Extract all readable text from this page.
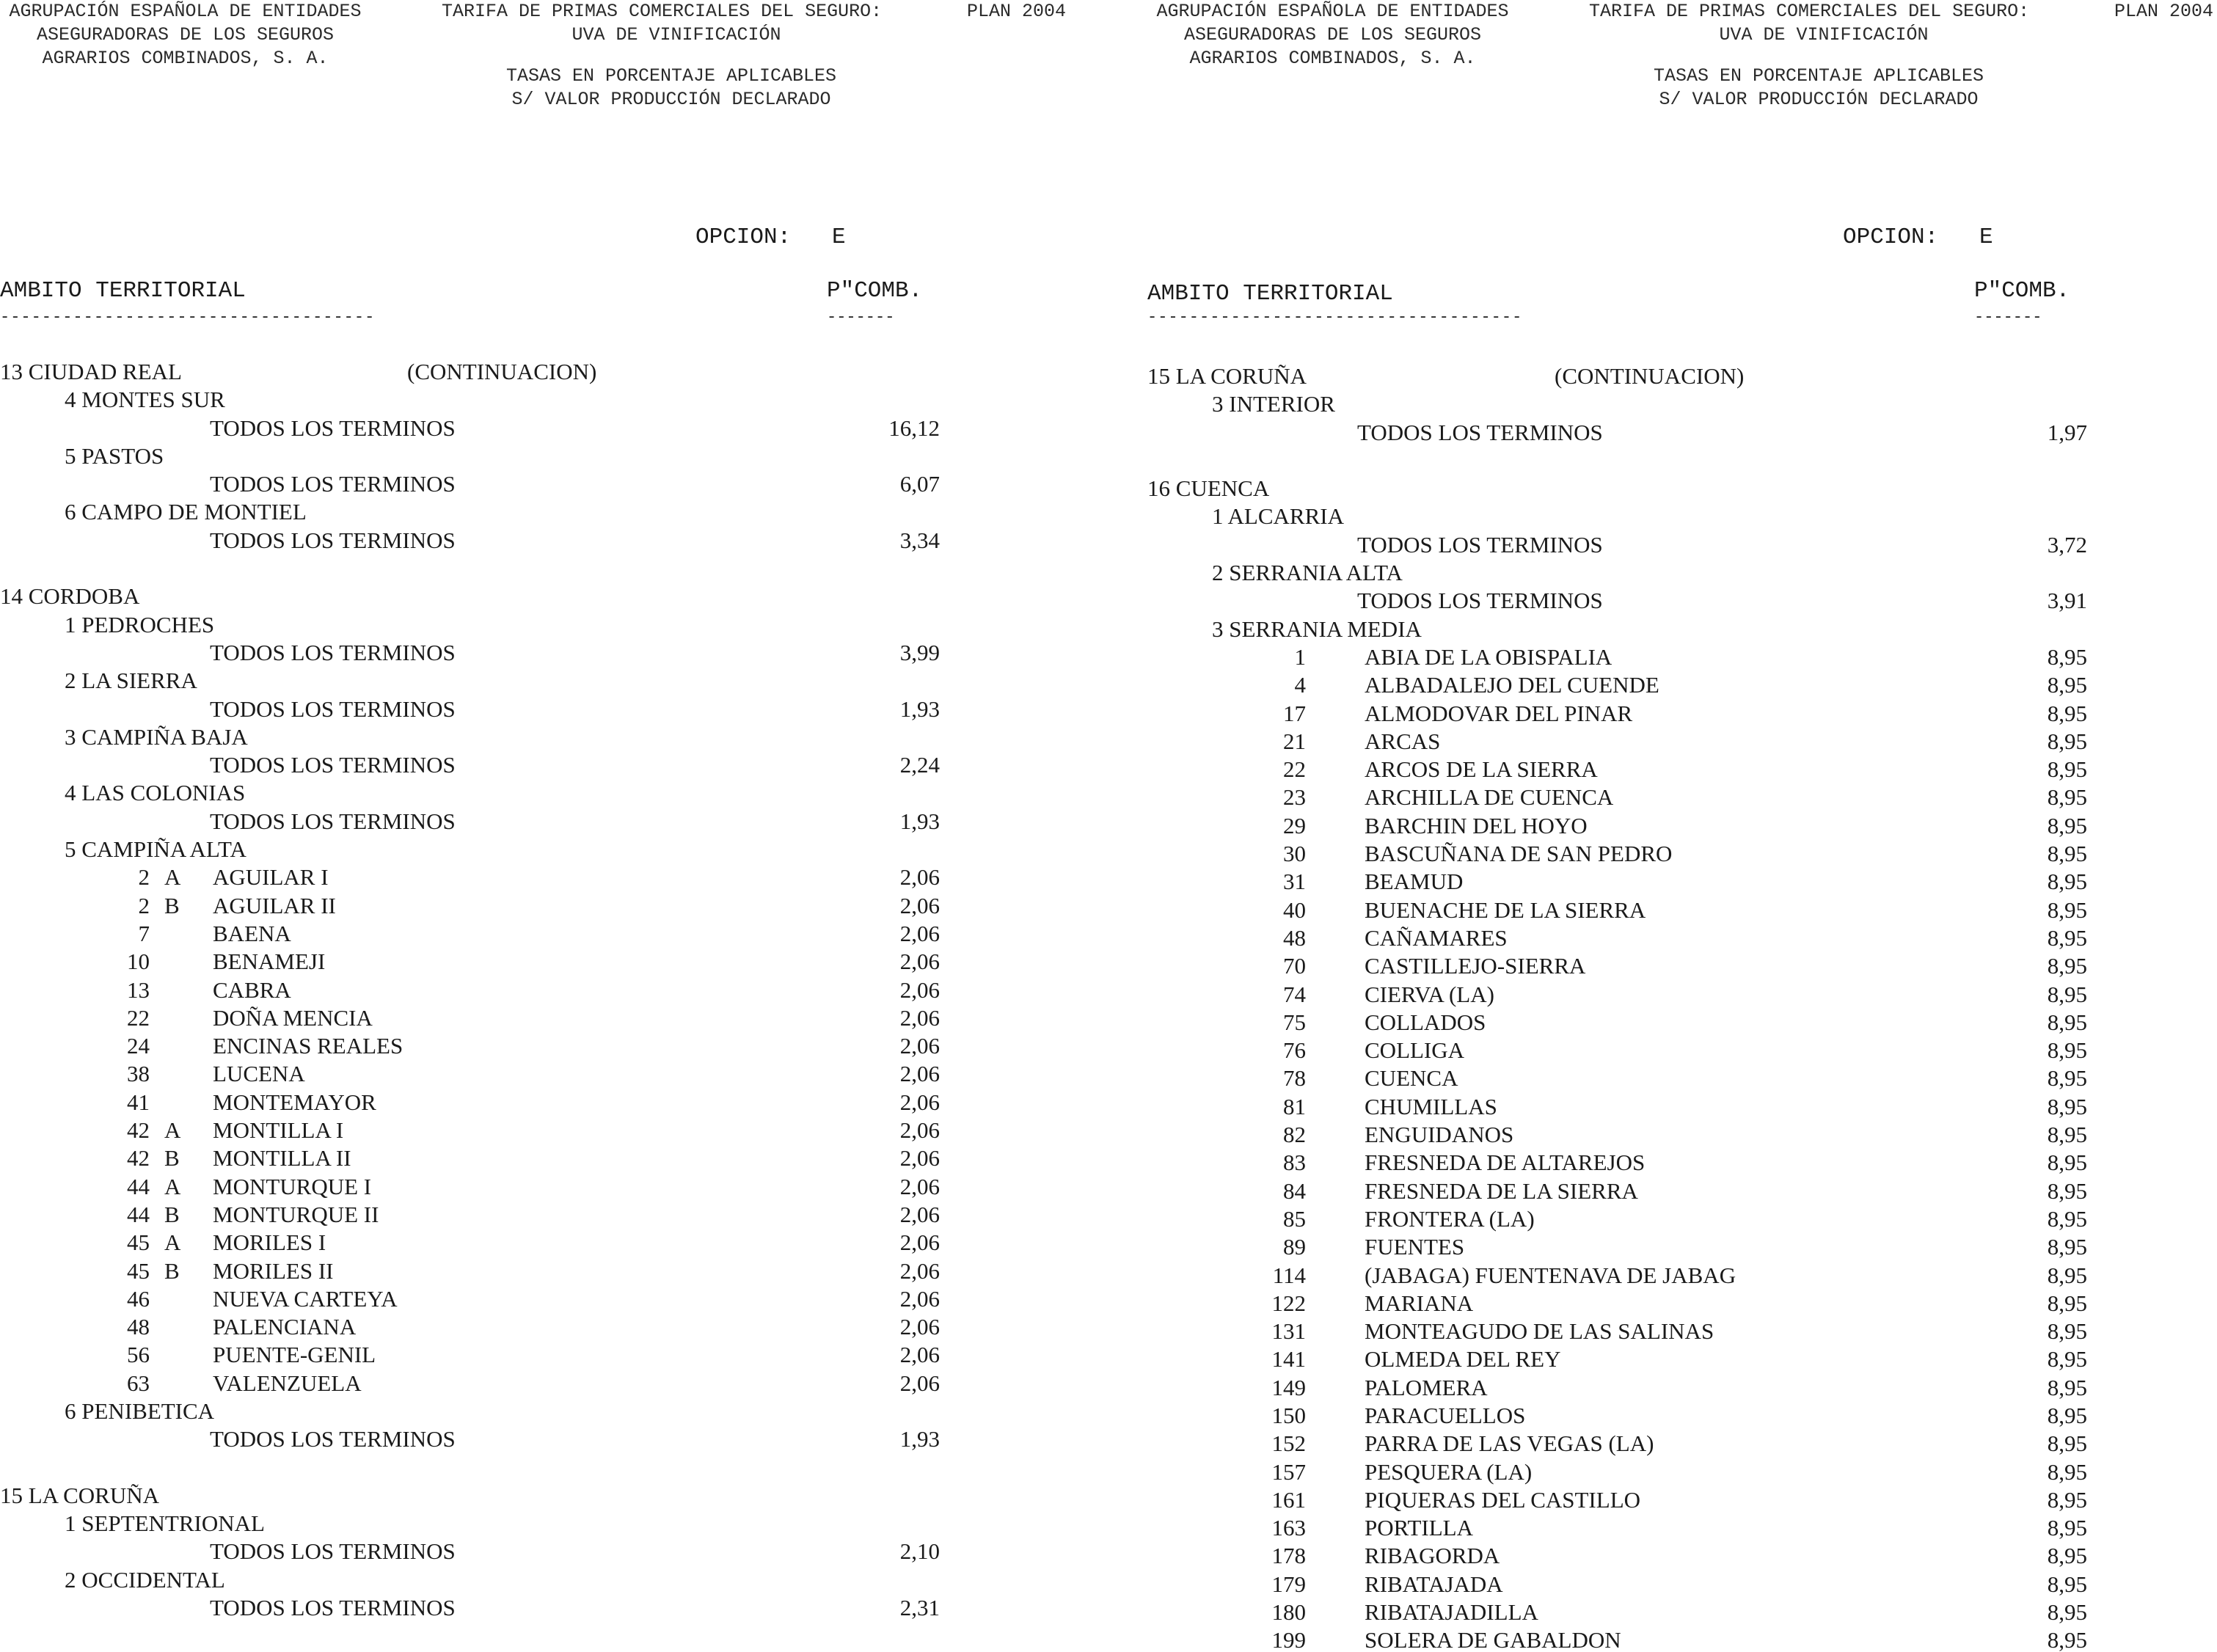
AGRUPACIÓN ESPAÑOLA DE ENTIDADES
ASEGURADORAS DE LOS SEGUROS
AGRARIOS COMBINADOS, S. A.
TARIFA DE PRIMAS COMERCIALES DEL SEGURO:
UVA DE VINIFICACIÓN
PLAN 2004
TASAS EN PORCENTAJE APLICABLES
S/ VALOR PRODUCCIÓN DECLARADO
OPCION: E
AMBITO TERRITORIAL	P"COMB.
------------------------------------	-------
13 CIUDAD REAL	(CONTINUACION)
4 MONTES SUR
TODOS LOS TERMINOS	16,12
5 PASTOS
TODOS LOS TERMINOS	6,07
6 CAMPO DE MONTIEL
TODOS LOS TERMINOS	3,34
14 CORDOBA
1 PEDROCHES
TODOS LOS TERMINOS	3,99
2 LA SIERRA
TODOS LOS TERMINOS	1,93
3 CAMPIÑA BAJA
TODOS LOS TERMINOS	2,24
4 LAS COLONIAS
TODOS LOS TERMINOS	1,93
5 CAMPIÑA ALTA
2 A AGUILAR I	2,06
2 B AGUILAR II	2,06
7	BAENA	2,06
10	BENAMEJI	2,06
13	CABRA	2,06
22	DOÑA MENCIA	2,06
24	ENCINAS REALES	2,06
38	LUCENA	2,06
41	MONTEMAYOR	2,06
42 A MONTILLA I	2,06
42 B MONTILLA II	2,06
44 A MONTURQUE I	2,06
44 B MONTURQUE II	2,06
45 A MORILES I	2,06
45 B MORILES II	2,06
46	NUEVA CARTEYA	2,06
48	PALENCIANA	2,06
56	PUENTE-GENIL	2,06
63	VALENZUELA	2,06
6 PENIBETICA
TODOS LOS TERMINOS	1,93
15 LA CORUÑA
1 SEPTENTRIONAL
TODOS LOS TERMINOS	2,10
2 OCCIDENTAL
TODOS LOS TERMINOS	2,31
AGRUPACIÓN ESPAÑOLA DE ENTIDADES
ASEGURADORAS DE LOS SEGUROS
AGRARIOS COMBINADOS, S. A.
TARIFA DE PRIMAS COMERCIALES DEL SEGURO:
UVA DE VINIFICACIÓN
PLAN 2004
TASAS EN PORCENTAJE APLICABLES
S/ VALOR PRODUCCIÓN DECLARADO
OPCION: E
AMBITO TERRITORIAL	P"COMB.
------------------------------------	-------
15 LA CORUÑA	(CONTINUACION)
3 INTERIOR
TODOS LOS TERMINOS	1,97
16 CUENCA
1 ALCARRIA
TODOS LOS TERMINOS	3,72
2 SERRANIA ALTA
TODOS LOS TERMINOS	3,91
3 SERRANIA MEDIA
1	ABIA DE LA OBISPALIA	8,95
4	ALBADALEJO DEL CUENDE	8,95
17	ALMODOVAR DEL PINAR	8,95
21	ARCAS	8,95
22	ARCOS DE LA SIERRA	8,95
23	ARCHILLA DE CUENCA	8,95
29	BARCHIN DEL HOYO	8,95
30	BASCUÑANA DE SAN PEDRO	8,95
31	BEAMUD	8,95
40	BUENACHE DE LA SIERRA	8,95
48	CAÑAMARES	8,95
70	CASTILLEJO-SIERRA	8,95
74	CIERVA (LA)	8,95
75	COLLADOS	8,95
76	COLLIGA	8,95
78	CUENCA	8,95
81	CHUMILLAS	8,95
82	ENGUIDANOS	8,95
83	FRESNEDA DE ALTAREJOS	8,95
84	FRESNEDA DE LA SIERRA	8,95
85	FRONTERA (LA)	8,95
89	FUENTES	8,95
114	(JABAGA) FUENTENAVA DE JABAG	8,95
122	MARIANA	8,95
131	MONTEAGUDO DE LAS SALINAS	8,95
141	OLMEDA DEL REY	8,95
149	PALOMERA	8,95
150	PARACUELLOS	8,95
152	PARRA DE LAS VEGAS (LA)	8,95
157	PESQUERA (LA)	8,95
161	PIQUERAS DEL CASTILLO	8,95
163	PORTILLA	8,95
178	RIBAGORDA	8,95
179	RIBATAJADA	8,95
180	RIBATAJADILLA	8,95
199	SOLERA DE GABALDON	8,95
